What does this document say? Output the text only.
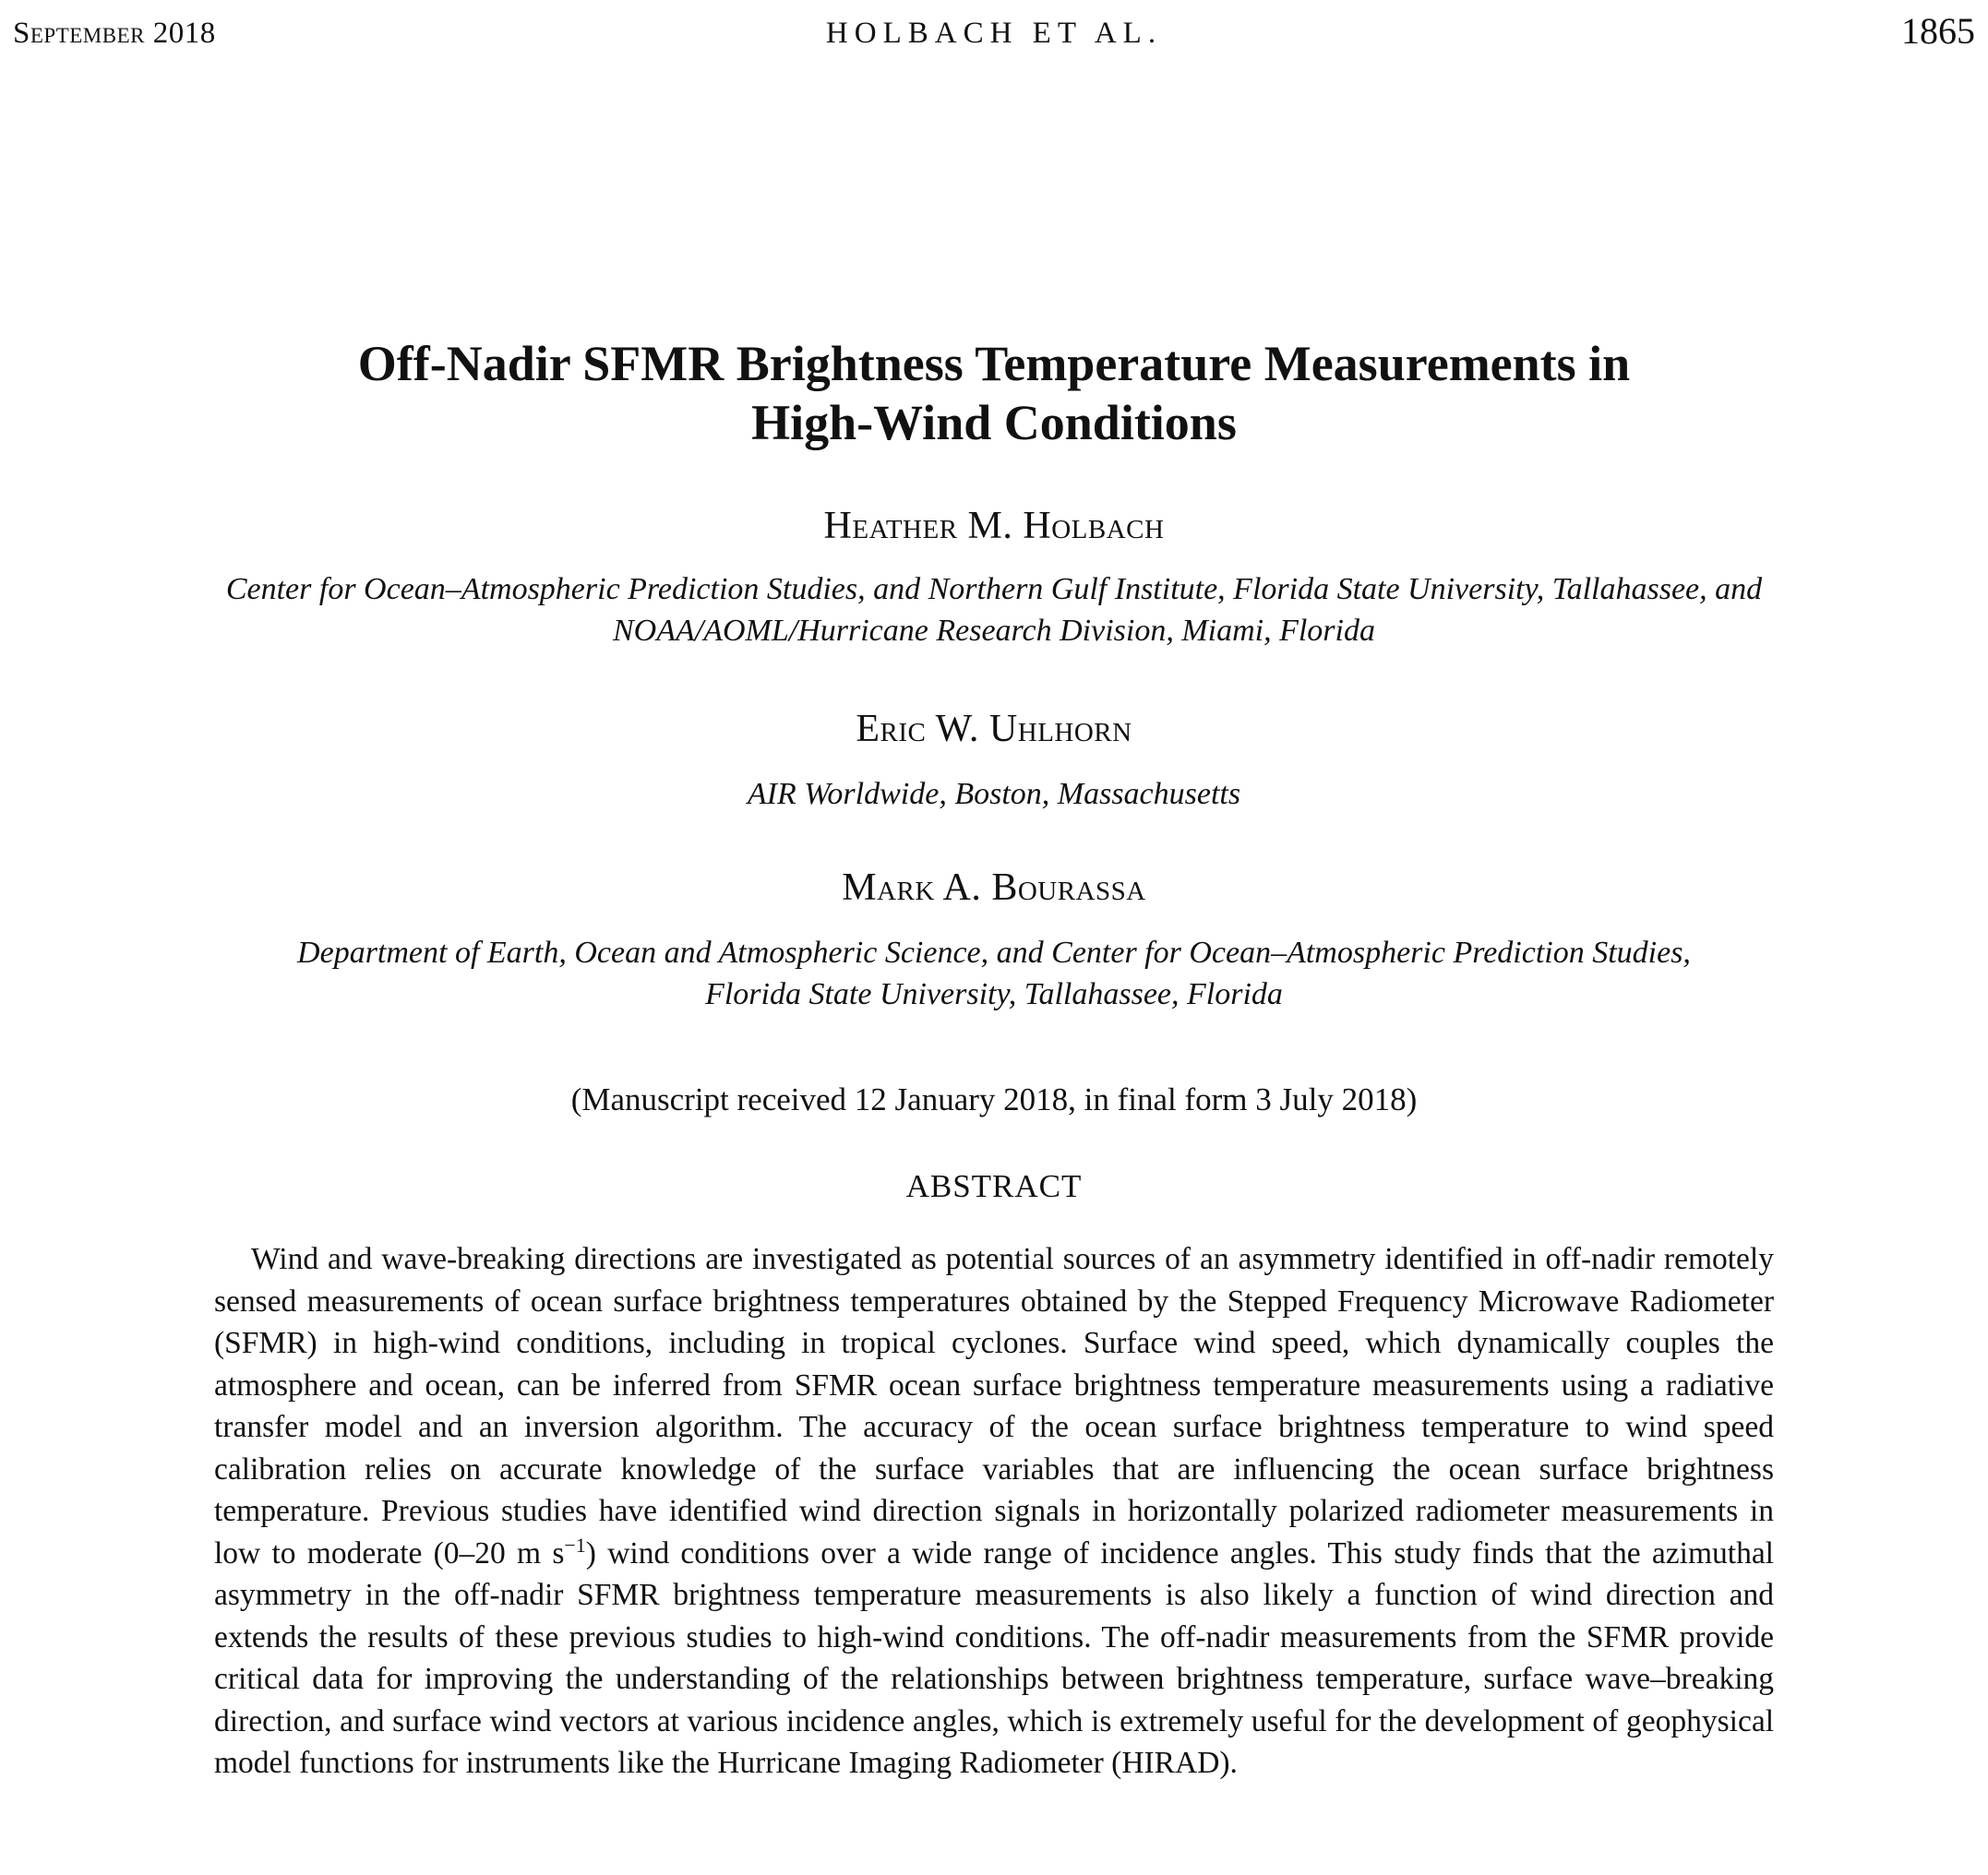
September 2018	HOLBACH ET AL.	1865
Off-Nadir SFMR Brightness Temperature Measurements in
High-Wind Conditions
Heather M. Holbach
Center for Ocean–Atmospheric Prediction Studies, and Northern Gulf Institute, Florida State University, Tallahassee, and
NOAA/AOML/Hurricane Research Division, Miami, Florida
Eric W. Uhlhorn
AIR Worldwide, Boston, Massachusetts
Mark A. Bourassa
Department of Earth, Ocean and Atmospheric Science, and Center for Ocean–Atmospheric Prediction Studies,
Florida State University, Tallahassee, Florida
(Manuscript received 12 January 2018, in final form 3 July 2018)
ABSTRACT

Wind and wave-breaking directions are investigated as potential sources of an asymmetry identified in off-nadir remotely sensed measurements of ocean surface brightness temperatures obtained by the Stepped Frequency Microwave Radiometer (SFMR) in high-wind conditions, including in tropical cyclones. Surface wind speed, which dynamically couples the atmosphere and ocean, can be inferred from SFMR ocean surface brightness temperature measurements using a radiative transfer model and an inversion algorithm. The accuracy of the ocean surface brightness temperature to wind speed calibration relies on accurate knowledge of the surface variables that are influencing the ocean surface brightness temperature. Previous studies have identified wind direction signals in horizontally polarized radiometer measurements in low to moderate (0–20 m $s^{-1}$) wind conditions over a wide range of incidence angles. This study finds that the azimuthal asymmetry in the off-nadir SFMR brightness temperature measurements is also likely a function of wind direction and extends the results of these previous studies to high-wind conditions. The off-nadir measurements from the SFMR provide critical data for improving the understanding of the relationships between brightness temperature, surface wave–breaking direction, and surface wind vectors at various incidence angles, which is extremely useful for the development of geophysical model functions for instruments like the Hurricane Imaging Radiometer (HIRAD).
